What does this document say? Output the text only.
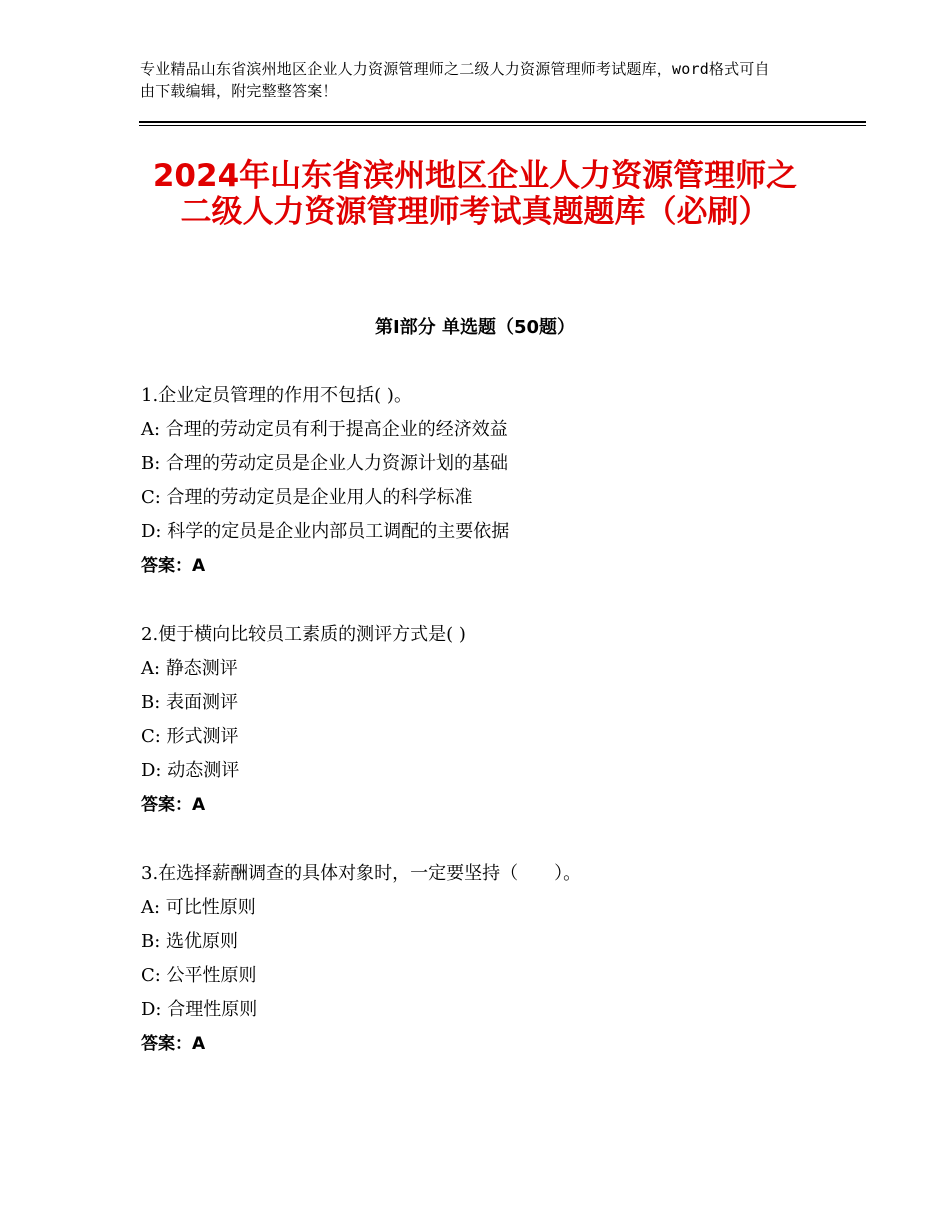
专业精品山东省滨州地区企业人力资源管理师之二级人力资源管理师考试题库，word格式可自由下载编辑，附完整整答案！
2024年山东省滨州地区企业人力资源管理师之二级人力资源管理师考试真题题库（必刷）
第Ⅰ部分 单选题（50题）
1.企业定员管理的作用不包括( )。
A: 合理的劳动定员有利于提高企业的经济效益
B: 合理的劳动定员是企业人力资源计划的基础
C: 合理的劳动定员是企业用人的科学标准
D: 科学的定员是企业内部员工调配的主要依据
答案：A
2.便于横向比较员工素质的测评方式是( )
A: 静态测评
B: 表面测评
C: 形式测评
D: 动态测评
答案：A
3.在选择薪酬调查的具体对象时，一定要坚持（　　）。
A: 可比性原则
B: 选优原则
C: 公平性原则
D: 合理性原则
答案：A
